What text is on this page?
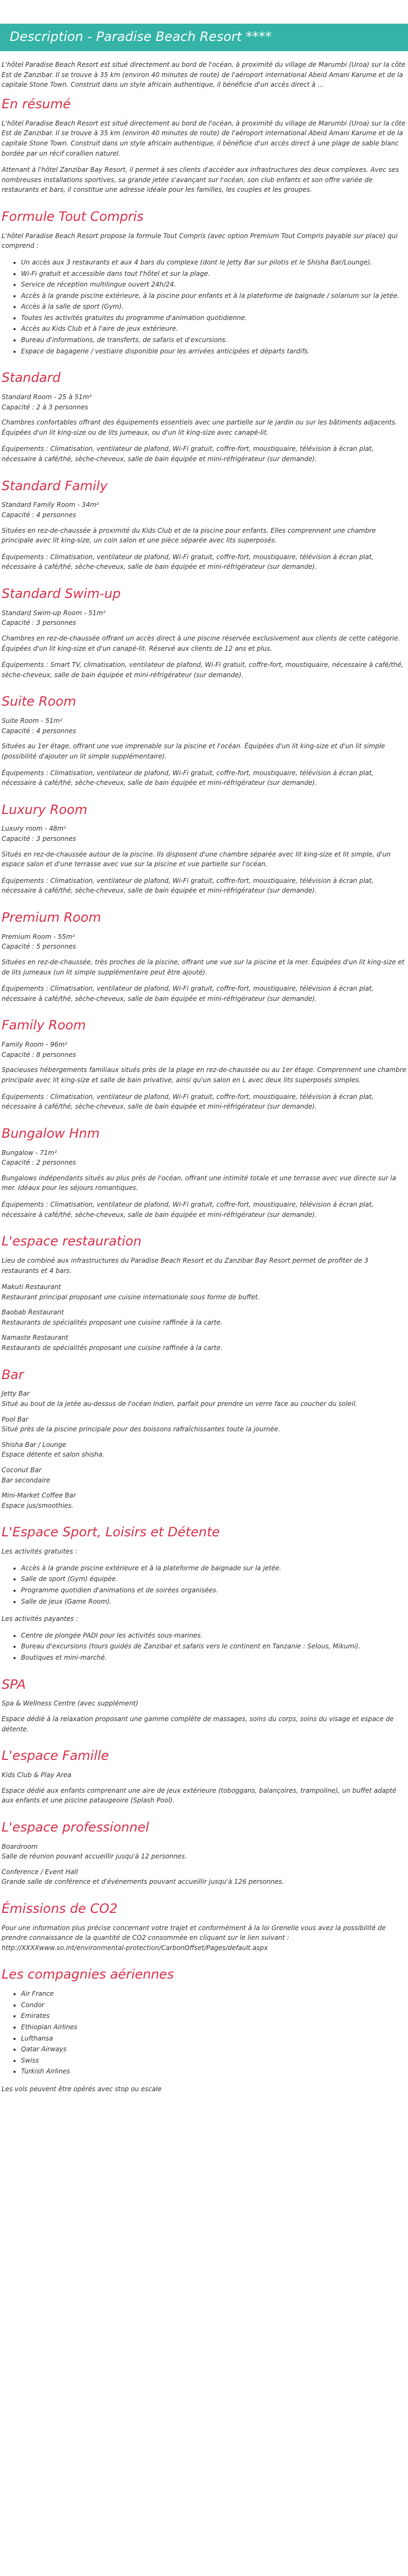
Description - Paradise Beach Resort ****

L'hôtel Paradise Beach Resort est situé directement au bord de l'océan, à proximité du village de Marumbi (Uroa) sur la côte Est de Zanzibar. Il se trouve à 35 km (environ 40 minutes de route) de l'aéroport international Abeid Amani Karume et de la capitale Stone Town. Construit dans un style africain authentique, il bénéficie d'un accès direct à ...

En résumé

L'hôtel Paradise Beach Resort est situé directement au bord de l'océan, à proximité du village de Marumbi (Uroa) sur la côte Est de Zanzibar. Il se trouve à 35 km (environ 40 minutes de route) de l'aéroport international Abeid Amani Karume et de la capitale Stone Town. Construit dans un style africain authentique, il bénéficie d'un accès direct à une plage de sable blanc bordée par un récif corallien naturel.

Attenant à l'hôtel Zanzibar Bay Resort, il permet à ses clients d'accéder aux infrastructures des deux complexes. Avec ses nombreuses installations sportives, sa grande jetée s'avançant sur l'océan, son club enfants et son offre variée de restaurants et bars, il constitue une adresse idéale pour les familles, les couples et les groupes.

Formule Tout Compris

L'hôtel Paradise Beach Resort propose la formule Tout Compris (avec option Premium Tout Compris payable sur place) qui comprend :

• Un accès aux 3 restaurants et aux 4 bars du complexe (dont le Jetty Bar sur pilotis et le Shisha Bar/Lounge).
• Wi-Fi gratuit et accessible dans tout l'hôtel et sur la plage.
• Service de réception multilingue ouvert 24h/24.
• Accès à la grande piscine extérieure, à la piscine pour enfants et à la plateforme de baignade / solarium sur la jetée.
• Accès à la salle de sport (Gym).
• Toutes les activités gratuites du programme d'animation quotidienne.
• Accès au Kids Club et à l'aire de jeux extérieure.
• Bureau d'informations, de transferts, de safaris et d'excursions.
• Espace de bagagerie / vestiaire disponible pour les arrivées anticipées et départs tardifs.
Standard

Standard Room - 25 à 51m²

Capacité : 2 à 3 personnes

Chambres confortables offrant des équipements essentiels avec une partielle sur le jardin ou sur les bâtiments adjacents. Équipées d'un lit king-size ou de lits jumeaux, ou d'un lit king-size avec canapé-lit.

Équipements : Climatisation, ventilateur de plafond, Wi-Fi gratuit, coffre-fort, moustiquaire, télévision à écran plat, nécessaire à café/thé, sèche-cheveux, salle de bain équipée et mini-réfrigérateur (sur demande).

Standard Family

Standard Family Room - 34m²

Capacité : 4 personnes

Situées en rez-de-chaussée à proximité du Kids Club et de la piscine pour enfants. Elles comprennent une chambre principale avec lit king-size, un coin salon et une pièce séparée avec lits superposés.

Équipements : Climatisation, ventilateur de plafond, Wi-Fi gratuit, coffre-fort, moustiquaire, télévision à écran plat, nécessaire à café/thé, sèche-cheveux, salle de bain équipée et mini-réfrigérateur (sur demande).

Standard Swim-up

Standard Swim-up Room - 51m²

Capacité : 3 personnes

Chambres en rez-de-chaussée offrant un accès direct à une piscine réservée exclusivement aux clients de cette catégorie. Équipées d'un lit king-size et d'un canapé-lit. Réservé aux clients de 12 ans et plus.

Équipements : Smart TV, climatisation, ventilateur de plafond, Wi-Fi gratuit, coffre-fort, moustiquaire, nécessaire à café/thé, sèche-cheveux, salle de bain équipée et mini-réfrigérateur (sur demande).

Suite Room

Suite Room - 51m²

Capacité : 4 personnes

Situées au 1er étage, offrant une vue imprenable sur la piscine et l'océan. Équipées d'un lit king-size et d'un lit simple (possibilité d'ajouter un lit simple supplémentaire).

Équipements : Climatisation, ventilateur de plafond, Wi-Fi gratuit, coffre-fort, moustiquaire, télévision à écran plat, nécessaire à café/thé, sèche-cheveux, salle de bain équipée et mini-réfrigérateur (sur demande).

Luxury Room

Luxury room - 48m²

Capacité : 3 personnes

Situés en rez-de-chaussée autour de la piscine. Ils disposent d'une chambre séparée avec lit king-size et lit simple, d'un espace salon et d'une terrasse avec vue sur la piscine et vue partielle sur l'océan.

Équipements : Climatisation, ventilateur de plafond, Wi-Fi gratuit, coffre-fort, moustiquaire, télévision à écran plat, nécessaire à café/thé, sèche-cheveux, salle de bain équipée et mini-réfrigérateur (sur demande).

Premium Room

Premium Room - 55m²

Capacité : 5 personnes

Situées en rez-de-chaussée, très proches de la piscine, offrant une vue sur la piscine et la mer. Équipées d'un lit king-size et de lits jumeaux (un lit simple supplémentaire peut être ajouté).

Équipements : Climatisation, ventilateur de plafond, Wi-Fi gratuit, coffre-fort, moustiquaire, télévision à écran plat, nécessaire à café/thé, sèche-cheveux, salle de bain équipée et mini-réfrigérateur (sur demande).

Family Room

Family Room - 96m²

Capacité : 8 personnes

Spacieuses hébergements familiaux situés près de la plage en rez-de-chaussée ou au 1er étage. Comprennent une chambre principale avec lit king-size et salle de bain privative, ainsi qu'un salon en L avec deux lits superposés simples.

Équipements : Climatisation, ventilateur de plafond, Wi-Fi gratuit, coffre-fort, moustiquaire, télévision à écran plat, nécessaire à café/thé, sèche-cheveux, salle de bain équipée et mini-réfrigérateur (sur demande).

Bungalow Hnm

Bungalow - 71m²

Capacité : 2 personnes

Bungalows indépendants situés au plus près de l'océan, offrant une intimité totale et une terrasse avec vue directe sur la mer. Idéaux pour les séjours romantiques.

Équipements : Climatisation, ventilateur de plafond, Wi-Fi gratuit, coffre-fort, moustiquaire, télévision à écran plat, nécessaire à café/thé, sèche-cheveux, salle de bain équipée et mini-réfrigérateur (sur demande).

L'espace restauration

Lieu de combiné aux infrastructures du Paradise Beach Resort et du Zanzibar Bay Resort permet de profiter de 3 restaurants et 4 bars.

Makuti Restaurant

Restaurant principal proposant une cuisine internationale sous forme de buffet.

Baobab Restaurant

Restaurants de spécialités proposant une cuisine raffinée à la carte.

Namaste Restaurant

Restaurants de spécialités proposant une cuisine raffinée à la carte.

Bar

Jetty Bar

Situé au bout de la jetée au-dessus de l'océan Indien, parfait pour prendre un verre face au coucher du soleil.

Pool Bar

Situé près de la piscine principale pour des boissons rafraîchissantes toute la journée.

Shisha Bar / Lounge

Espace détente et salon shisha.

Coconut Bar

Bar secondaire

Mini-Market Coffee Bar

Espace jus/smoothies.

L'Espace Sport, Loisirs et Détente

Les activités gratuites :

• Accès à la grande piscine extérieure et à la plateforme de baignade sur la jetée.
• Salle de sport (Gym) équipée.
• Programme quotidien d'animations et de soirées organisées.
• Salle de jeux (Game Room).

Les activités payantes :

• Centre de plongée PADI pour les activités sous-marines.
• Bureau d'excursions (tours guidés de Zanzibar et safaris vers le continent en Tanzanie : Selous, Mikumi).
• Boutiques et mini-marché.
SPA

Spa & Wellness Centre (avec supplément)

Espace dédié à la relaxation proposant une gamme complète de massages, soins du corps, soins du visage et espace de détente.

L'espace Famille

Kids Club & Play Area

Espace dédié aux enfants comprenant une aire de jeux extérieure (toboggans, balançoires, trampoline), un buffet adapté aux enfants et une piscine pataugeoire (Splash Pool).

L'espace professionnel

Boardroom

Salle de réunion pouvant accueillir jusqu'à 12 personnes.

Conference / Event Hall

Grande salle de conférence et d'événements pouvant accueillir jusqu'à 126 personnes.

Émissions de CO2

Pour une information plus précise concernant votre trajet et conformément à la loi Grenelle vous avez la possibilité de prendre connaissance de la quantité de CO2 consommée en cliquant sur le lien suivant : http://XXXXwww.so.int/environmental-protection/CarbonOffset/Pages/default.aspx

Les compagnies aériennes
• Air France
• Condor
• Emirates
• Ethiopian Airlines
• Lufthansa
• Qatar Airways
• Swiss
• Turkish Airlines

Les vols peuvent être opérés avec stop ou escale
